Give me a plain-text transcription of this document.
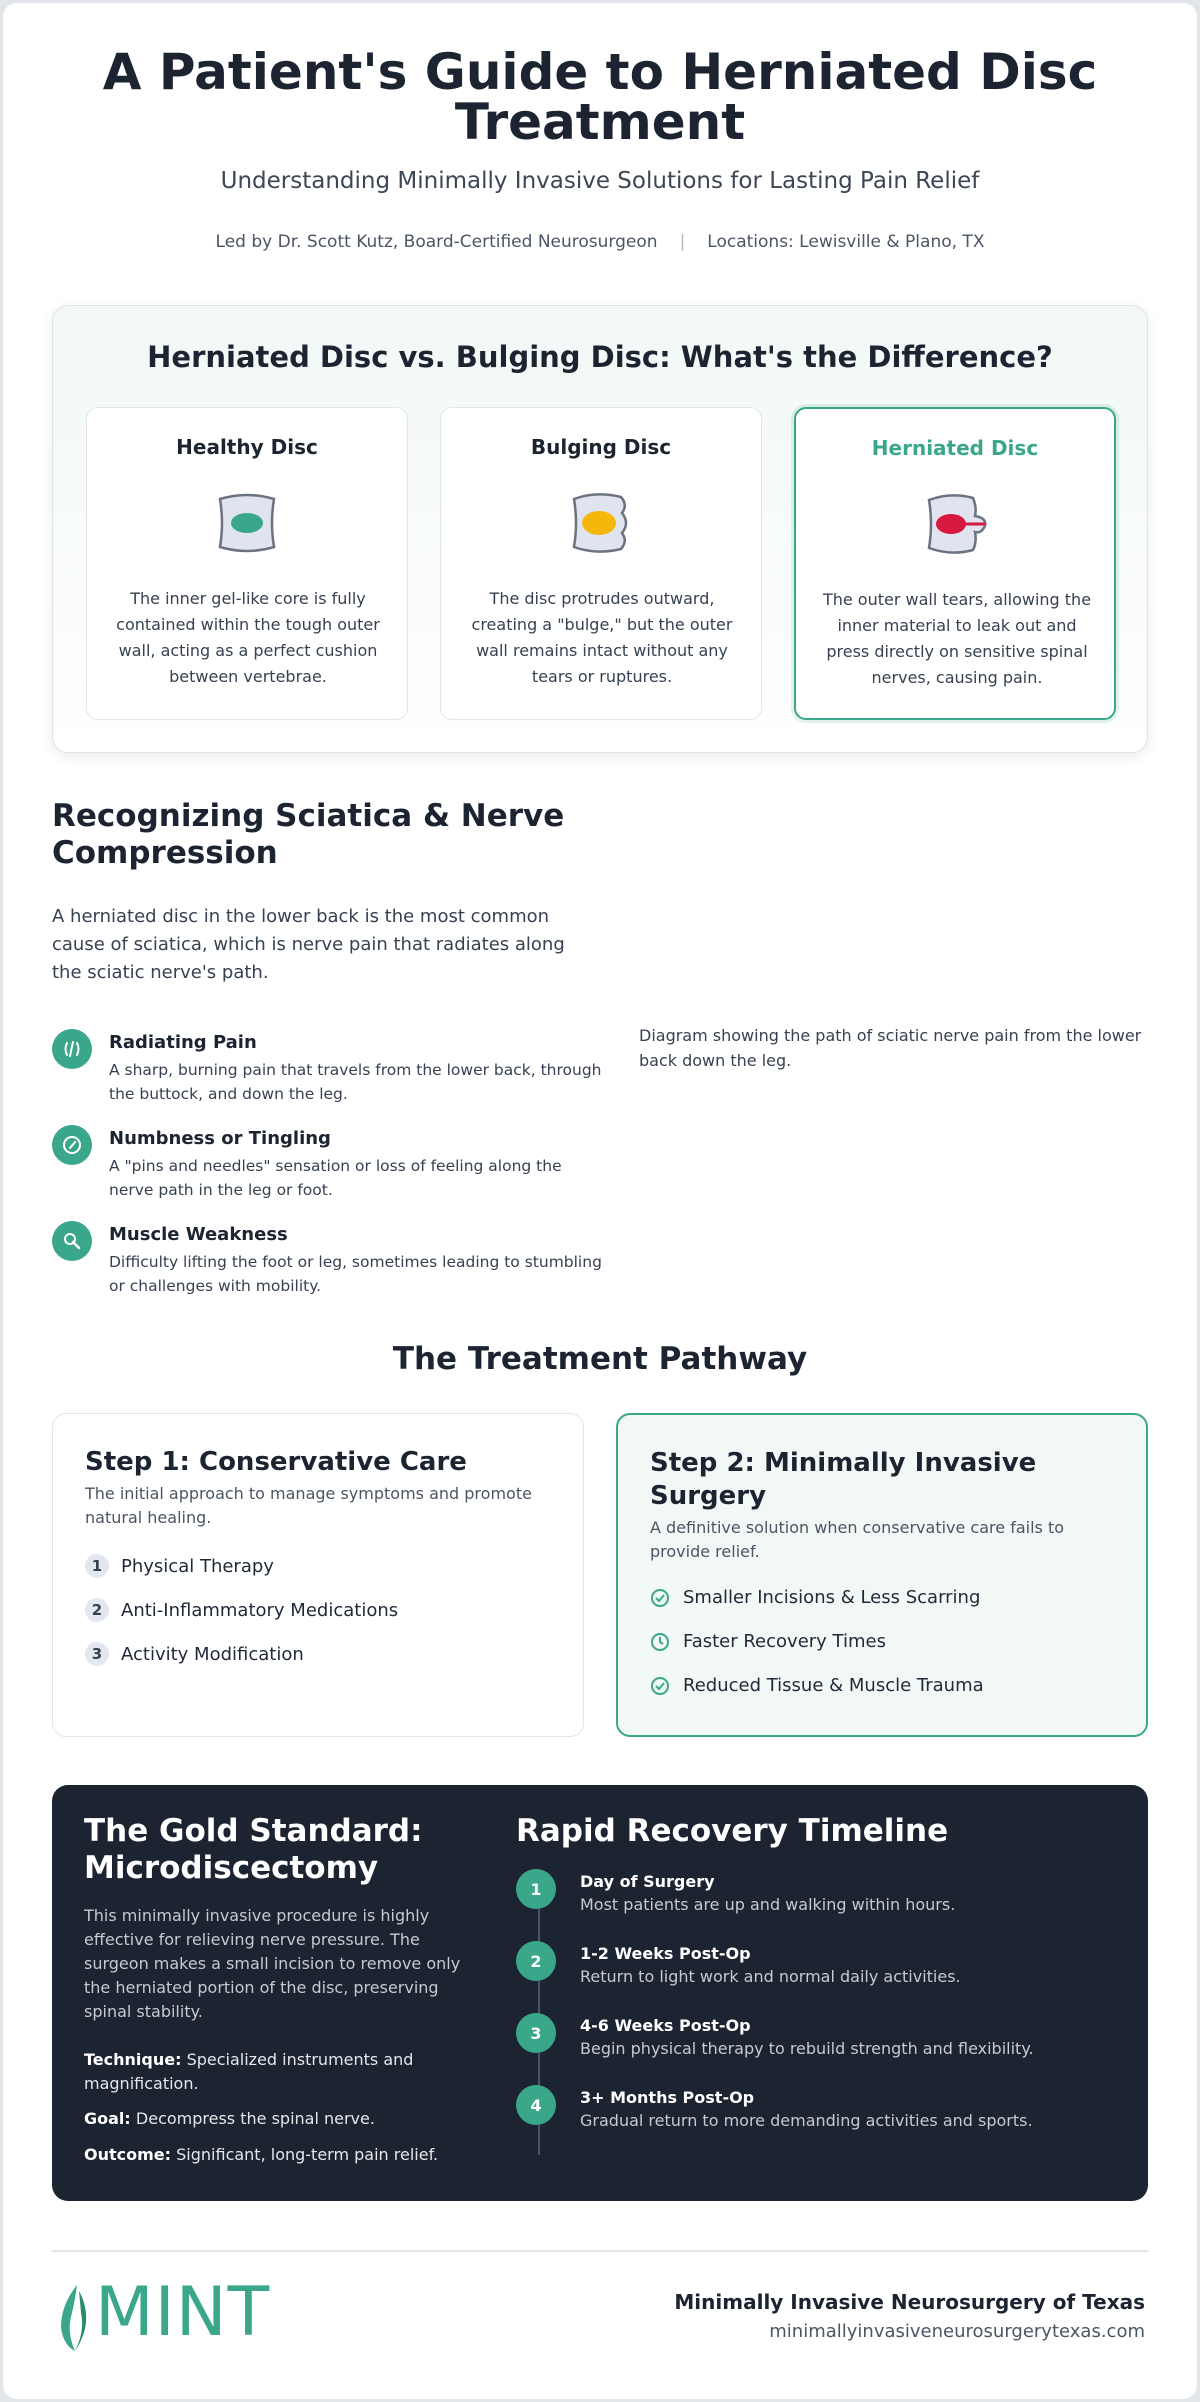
A Patient's Guide to Herniated Disc Treatment
Understanding Minimally Invasive Solutions for Lasting Pain Relief
Led by Dr. Scott Kutz, Board-Certified Neurosurgeon | Locations: Lewisville & Plano, TX
Herniated Disc vs. Bulging Disc: What's the Difference?
Healthy Disc

The inner gel-like core is fully contained within the tough outer wall, acting as a perfect cushion between vertebrae.

Bulging Disc

The disc protrudes outward, creating a "bulge," but the outer wall remains intact without any tears or ruptures.

Herniated Disc

The outer wall tears, allowing the inner material to leak out and press directly on sensitive spinal nerves, causing pain.

Recognizing Sciatica & Nerve Compression

A herniated disc in the lower back is the most common cause of sciatica, which is nerve pain that radiates along the sciatic nerve's path.

Radiating Pain

A sharp, burning pain that travels from the lower back, through the buttock, and down the leg.

Numbness or Tingling

A "pins and needles" sensation or loss of feeling along the nerve path in the leg or foot.

Muscle Weakness

Difficulty lifting the foot or leg, sometimes leading to stumbling or challenges with mobility.

Diagram showing the path of sciatic nerve pain from the lower back down the leg.
The Treatment Pathway
Step 1: Conservative Care

The initial approach to manage symptoms and promote natural healing.

1	Physical Therapy
2	Anti-Inflammatory Medications
3	Activity Modification
Step 2: Minimally Invasive Surgery

A definitive solution when conservative care fails to provide relief.

Smaller Incisions & Less Scarring
Faster Recovery Times
Reduced Tissue & Muscle Trauma
The Gold Standard: Microdiscectomy

This minimally invasive procedure is highly effective for relieving nerve pressure. The surgeon makes a small incision to remove only the herniated portion of the disc, preserving spinal stability.

Technique: Specialized instruments and magnification.

Goal: Decompress the spinal nerve.

Outcome: Significant, long-term pain relief.

Rapid Recovery Timeline
1	Day of Surgery

Most patients are up and walking within hours.

2	1-2 Weeks Post-Op

Return to light work and normal daily activities.

3	4-6 Weeks Post-Op

Begin physical therapy to rebuild strength and flexibility.

4	3+ Months Post-Op

Gradual return to more demanding activities and sports.

MINT	Minimally Invasive Neurosurgery of Texas
minimallyinvasiveneurosurgerytexas.com
